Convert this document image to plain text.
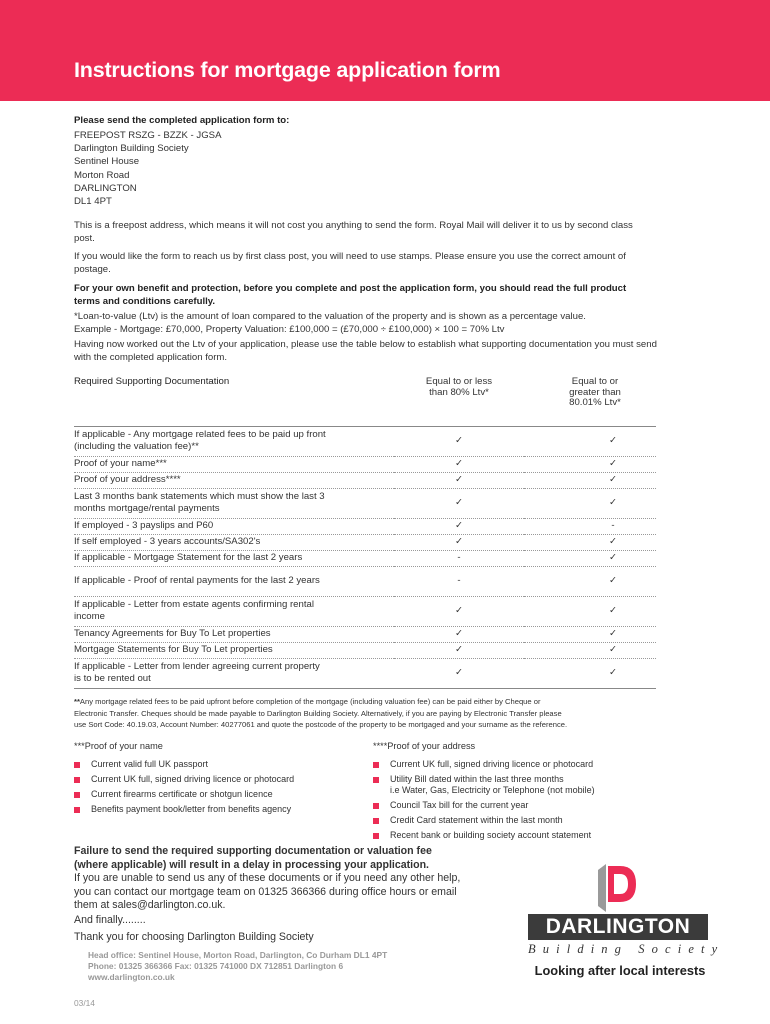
Instructions for mortgage application form
Please send the completed application form to:
FREEPOST RSZG - BZZK - JGSA
Darlington Building Society
Sentinel House
Morton Road
DARLINGTON
DL1 4PT
This is a freepost address, which means it will not cost you anything to send the form. Royal Mail will deliver it to us by second class post.
If you would like the form to reach us by first class post, you will need to use stamps. Please ensure you use the correct amount of postage.
For your own benefit and protection, before you complete and post the application form, you should read the full product terms and conditions carefully.
*Loan-to-value (Ltv) is the amount of loan compared to the valuation of the property and is shown as a percentage value.
Example - Mortgage: £70,000, Property Valuation: £100,000 = (£70,000 ÷ £100,000) × 100 = 70% Ltv
Having now worked out the Ltv of your application, please use the table below to establish what supporting documentation you must send with the completed application form.
Required Supporting Documentation	Equal to or less than 80% Ltv*	Equal to or greater than 80.01% Ltv*
If applicable - Any mortgage related fees to be paid up front (including the valuation fee)**	✓	✓
Proof of your name***	✓	✓
Proof of your address****	✓	✓
Last 3 months bank statements which must show the last 3 months mortgage/rental payments	✓	✓
If employed - 3 payslips and P60	✓	-
If self employed - 3 years accounts/SA302's	✓	✓
If applicable - Mortgage Statement for the last 2 years	-	✓
If applicable - Proof of rental payments for the last 2 years	-	✓
If applicable - Letter from estate agents confirming rental income	✓	✓
Tenancy Agreements for Buy To Let properties	✓	✓
Mortgage Statements for Buy To Let properties	✓	✓
If applicable - Letter from lender agreeing current property is to be rented out	✓	✓
**Any mortgage related fees to be paid upfront before completion of the mortgage (including valuation fee) can be paid either by Cheque or
Electronic Transfer. Cheques should be made payable to Darlington Building Society. Alternatively, if you are paying by Electronic Transfer please
use Sort Code: 40.19.03, Account Number: 40277061 and quote the postcode of the property to be mortgaged and your surname as the reference.
***Proof of your name
Current valid full UK passport
Current UK full, signed driving licence or photocard
Current firearms certificate or shotgun licence
Benefits payment book/letter from benefits agency
****Proof of your address
Current UK full, signed driving licence or photocard
Utility Bill dated within the last three months
i.e Water, Gas, Electricity or Telephone (not mobile)
Council Tax bill for the current year
Credit Card statement within the last month
Recent bank or building society account statement
Failure to send the required supporting documentation or valuation fee
(where applicable) will result in a delay in processing your application.
If you are unable to send us any of these documents or if you need any other help,
you can contact our mortgage team on 01325 366366 during office hours or email
them at sales@darlington.co.uk.
And finally........
Thank you for choosing Darlington Building Society
Head office: Sentinel House, Morton Road, Darlington, Co Durham DL1 4PT
Phone: 01325 366366 Fax: 01325 741000 DX 712851 Darlington 6
www.darlington.co.uk
03/14
DARLINGTON
B u i l d i n g   S o c i e t y
Looking after local interests
